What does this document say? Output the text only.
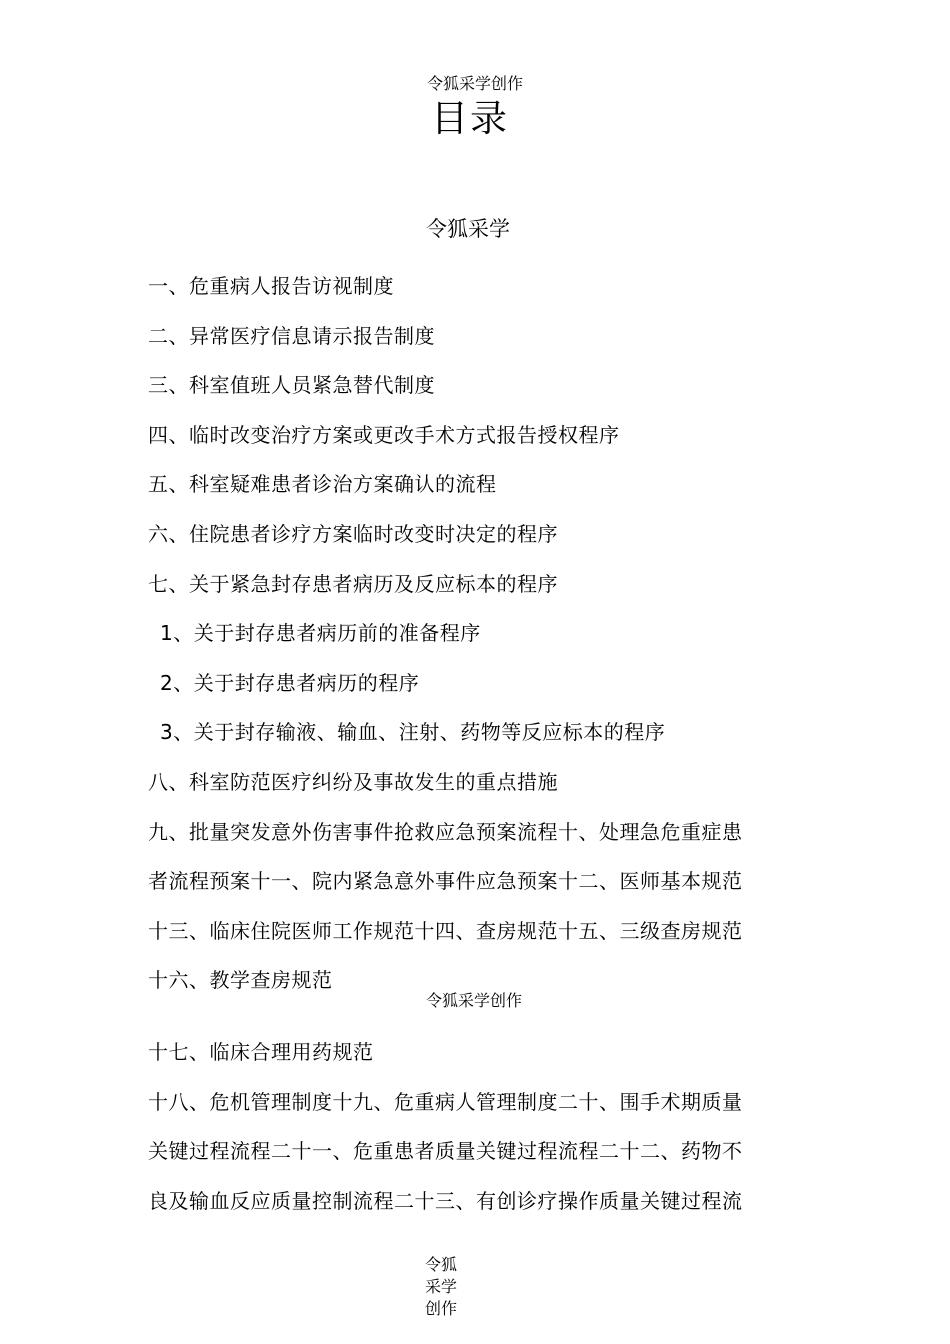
令狐采学创作
目录
令狐采学
一、危重病人报告访视制度
二、异常医疗信息请示报告制度
三、科室值班人员紧急替代制度
四、临时改变治疗方案或更改手术方式报告授权程序
五、科室疑难患者诊治方案确认的流程
六、住院患者诊疗方案临时改变时决定的程序
七、关于紧急封存患者病历及反应标本的程序
1、关于封存患者病历前的准备程序
2、关于封存患者病历的程序
3、关于封存输液、输血、注射、药物等反应标本的程序
八、科室防范医疗纠纷及事故发生的重点措施
九、批量突发意外伤害事件抢救应急预案流程十、处理急危重症患
者流程预案十一、院内紧急意外事件应急预案十二、医师基本规范
十三、临床住院医师工作规范十四、查房规范十五、三级查房规范
十六、教学查房规范
令狐采学创作
十七、临床合理用药规范
十八、危机管理制度十九、危重病人管理制度二十、围手术期质量
关键过程流程二十一、危重患者质量关键过程流程二十二、药物不
良及输血反应质量控制流程二十三、有创诊疗操作质量关键过程流
令狐
采学
创作
